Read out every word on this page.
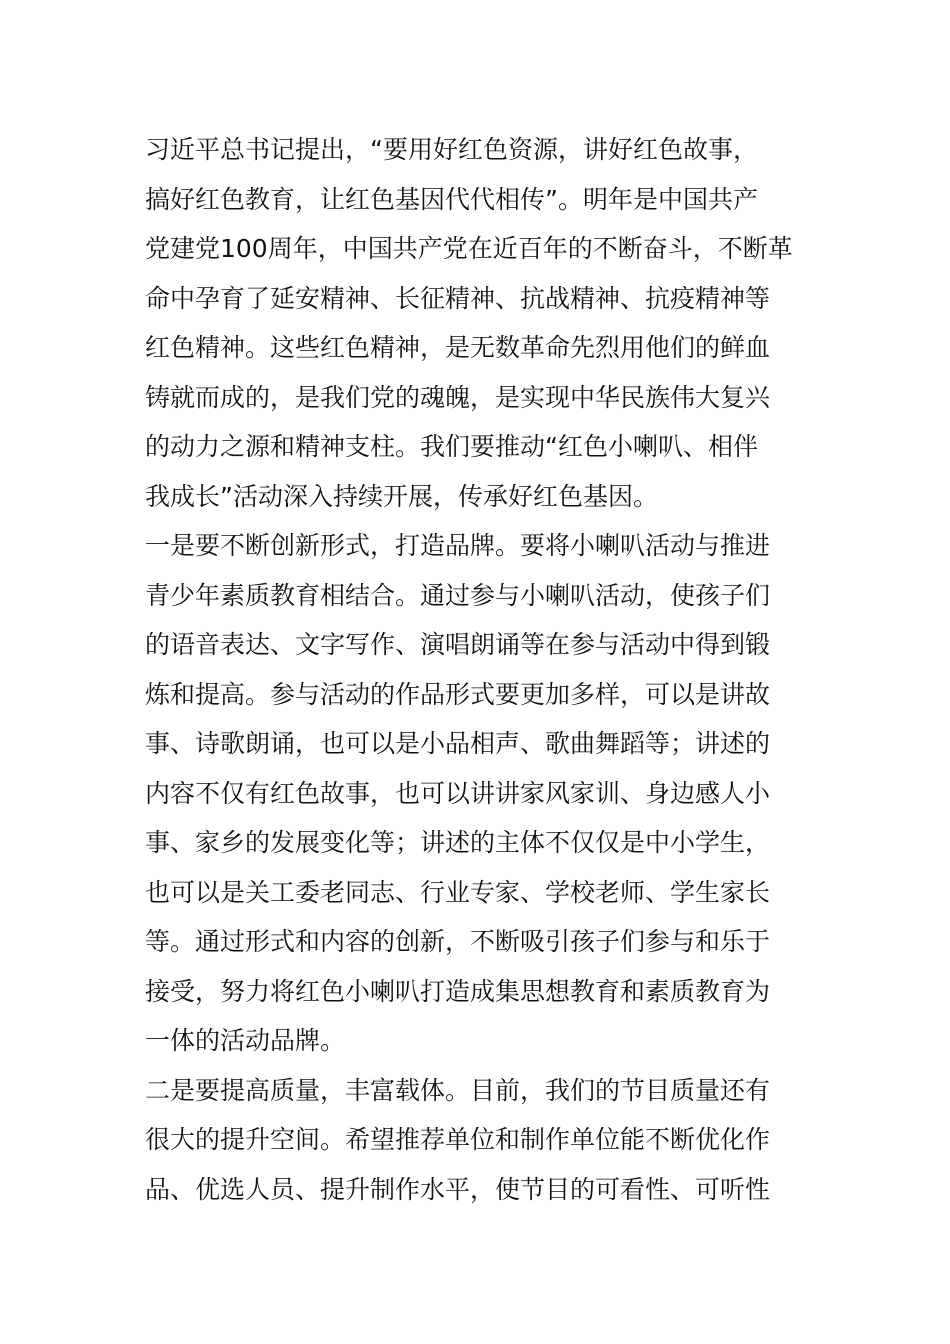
习近平总书记提出，“要用好红色资源，讲好红色故事，
搞好红色教育，让红色基因代代相传”。明年是中国共产
党建党100周年，中国共产党在近百年的不断奋斗，不断革
命中孕育了延安精神、长征精神、抗战精神、抗疫精神等
红色精神。这些红色精神，是无数革命先烈用他们的鲜血
铸就而成的，是我们党的魂魄，是实现中华民族伟大复兴
的动力之源和精神支柱。我们要推动“红色小喇叭、相伴
我成长”活动深入持续开展，传承好红色基因。

一是要不断创新形式，打造品牌。要将小喇叭活动与推进
青少年素质教育相结合。通过参与小喇叭活动，使孩子们
的语音表达、文字写作、演唱朗诵等在参与活动中得到锻
炼和提高。参与活动的作品形式要更加多样，可以是讲故
事、诗歌朗诵，也可以是小品相声、歌曲舞蹈等；讲述的
内容不仅有红色故事，也可以讲讲家风家训、身边感人小
事、家乡的发展变化等；讲述的主体不仅仅是中小学生，
也可以是关工委老同志、行业专家、学校老师、学生家长
等。通过形式和内容的创新，不断吸引孩子们参与和乐于
接受，努力将红色小喇叭打造成集思想教育和素质教育为
一体的活动品牌。

二是要提高质量，丰富载体。目前，我们的节目质量还有
很大的提升空间。希望推荐单位和制作单位能不断优化作
品、优选人员、提升制作水平，使节目的可看性、可听性
